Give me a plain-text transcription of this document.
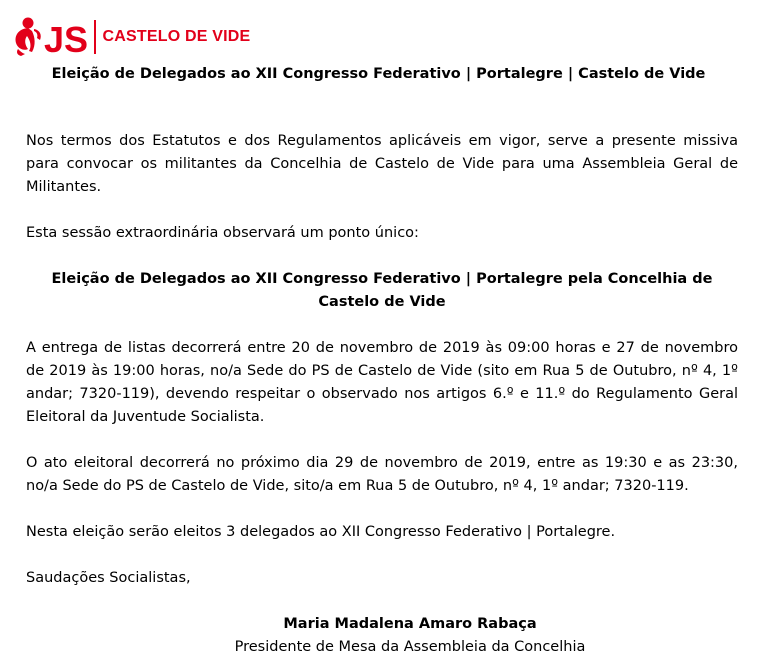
JS CASTELO DE VIDE
Eleição de Delegados ao XII Congresso Federativo | Portalegre | Castelo de Vide

Nos termos dos Estatutos e dos Regulamentos aplicáveis em vigor, serve a presente missiva para convocar os militantes da Concelhia de Castelo de Vide para uma Assembleia Geral de Militantes.

Esta sessão extraordinária observará um ponto único:

Eleição de Delegados ao XII Congresso Federativo | Portalegre pela Concelhia de Castelo de Vide

A entrega de listas decorrerá entre 20 de novembro de 2019 às 09:00 horas e 27 de novembro de 2019 às 19:00 horas, no/a Sede do PS de Castelo de Vide (sito em Rua 5 de Outubro, nº 4, 1º andar; 7320-119), devendo respeitar o observado nos artigos 6.º e 11.º do Regulamento Geral Eleitoral da Juventude Socialista.

O ato eleitoral decorrerá no próximo dia 29 de novembro de 2019, entre as 19:30 e as 23:30, no/a Sede do PS de Castelo de Vide, sito/a em Rua 5 de Outubro, nº 4, 1º andar; 7320-119.

Nesta eleição serão eleitos 3 delegados ao XII Congresso Federativo | Portalegre.

Saudações Socialistas,

Maria Madalena Amaro Rabaça
Presidente de Mesa da Assembleia da Concelhia
